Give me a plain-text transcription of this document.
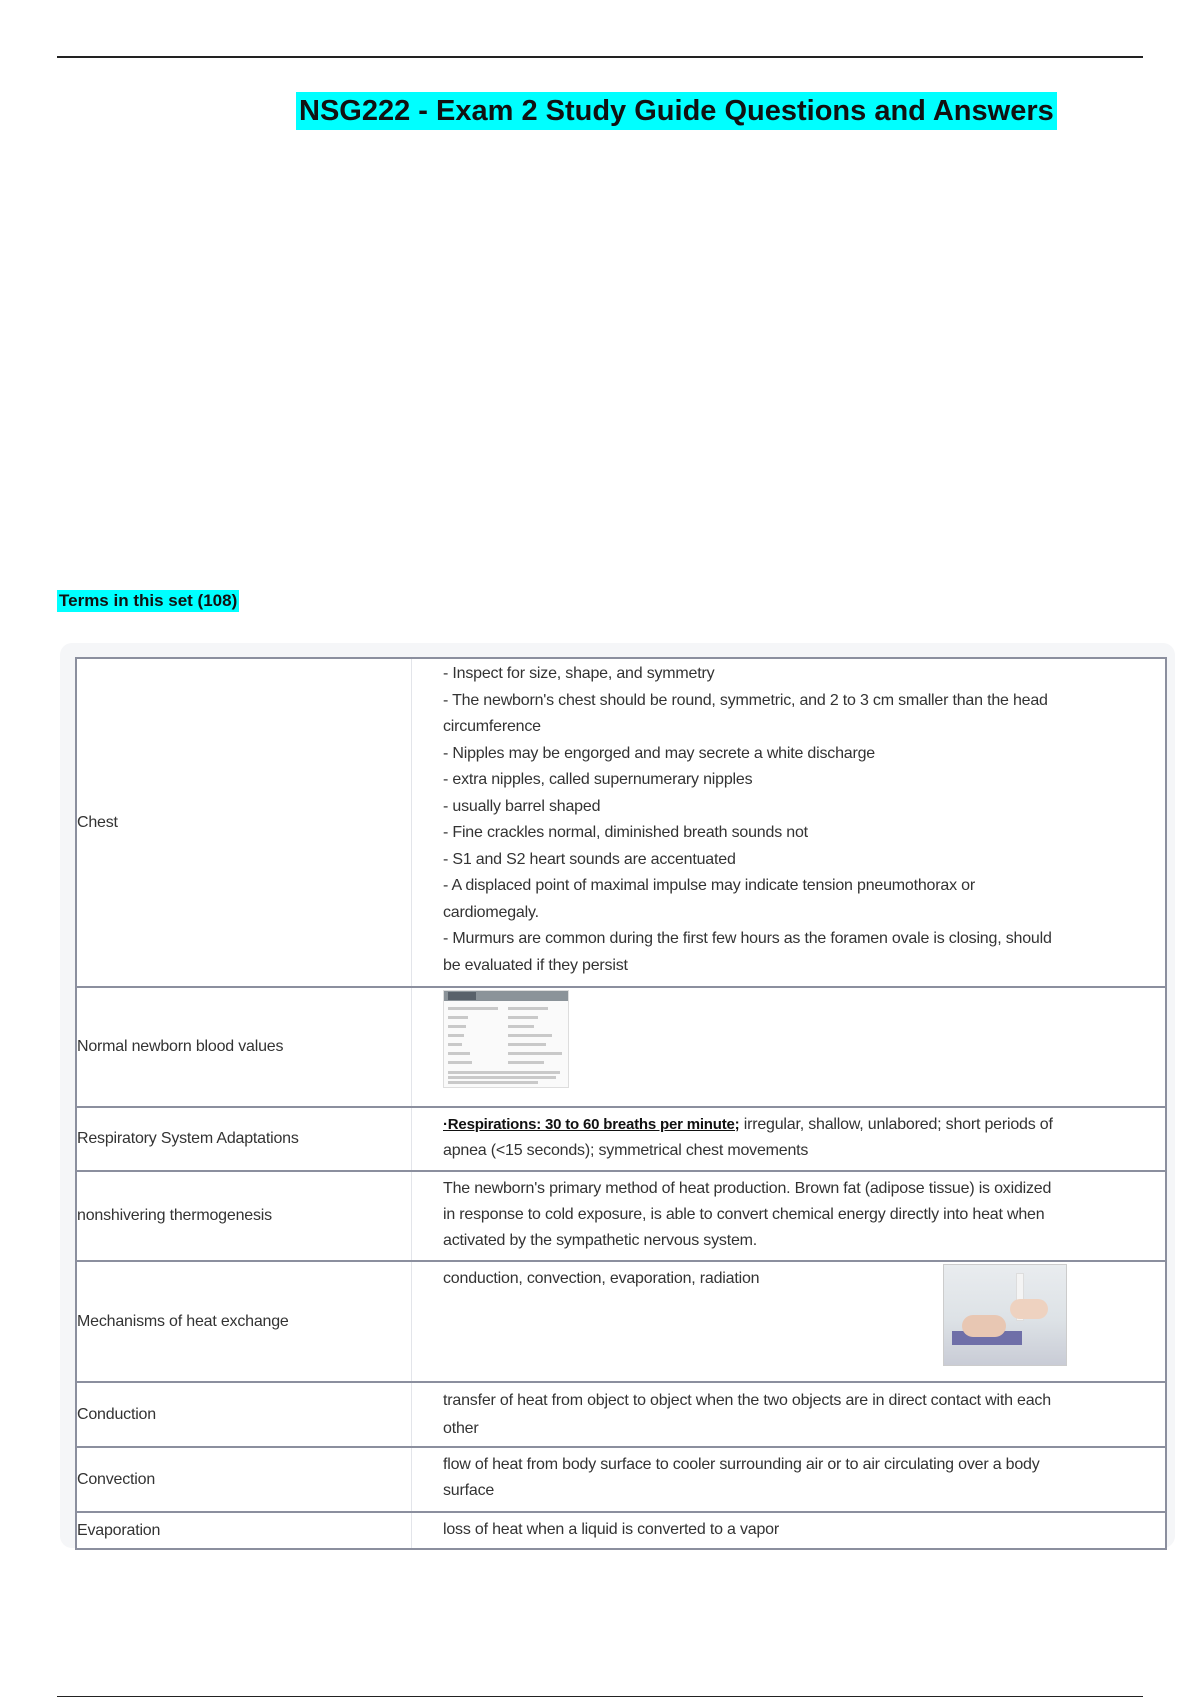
NSG222 - Exam 2 Study Guide Questions and Answers
Terms in this set (108)
Chest

- Inspect for size, shape, and symmetry

- The newborn's chest should be round, symmetric, and 2 to 3 cm smaller than the head circumference

- Nipples may be engorged and may secrete a white discharge

- extra nipples, called supernumerary nipples

- usually barrel shaped

- Fine crackles normal, diminished breath sounds not

- S1 and S2 heart sounds are accentuated

- A displaced point of maximal impulse may indicate tension pneumothorax or cardiomegaly.

- Murmurs are common during the first few hours as the foramen ovale is closing, should be evaluated if they persist

Normal newborn blood values
Respiratory System Adaptations
·Respirations: 30 to 60 breaths per minute; irregular, shallow, unlabored; short periods of apnea (<15 seconds); symmetrical chest movements
nonshivering thermogenesis
The newborn's primary method of heat production. Brown fat (adipose tissue) is oxidized in response to cold exposure, is able to convert chemical energy directly into heat when activated by the sympathetic nervous system.
Mechanisms of heat exchange
conduction, convection, evaporation, radiation
Conduction
transfer of heat from object to object when the two objects are in direct contact with each other
Convection
flow of heat from body surface to cooler surrounding air or to air circulating over a body surface
Evaporation	loss of heat when a liquid is converted to a vapor
